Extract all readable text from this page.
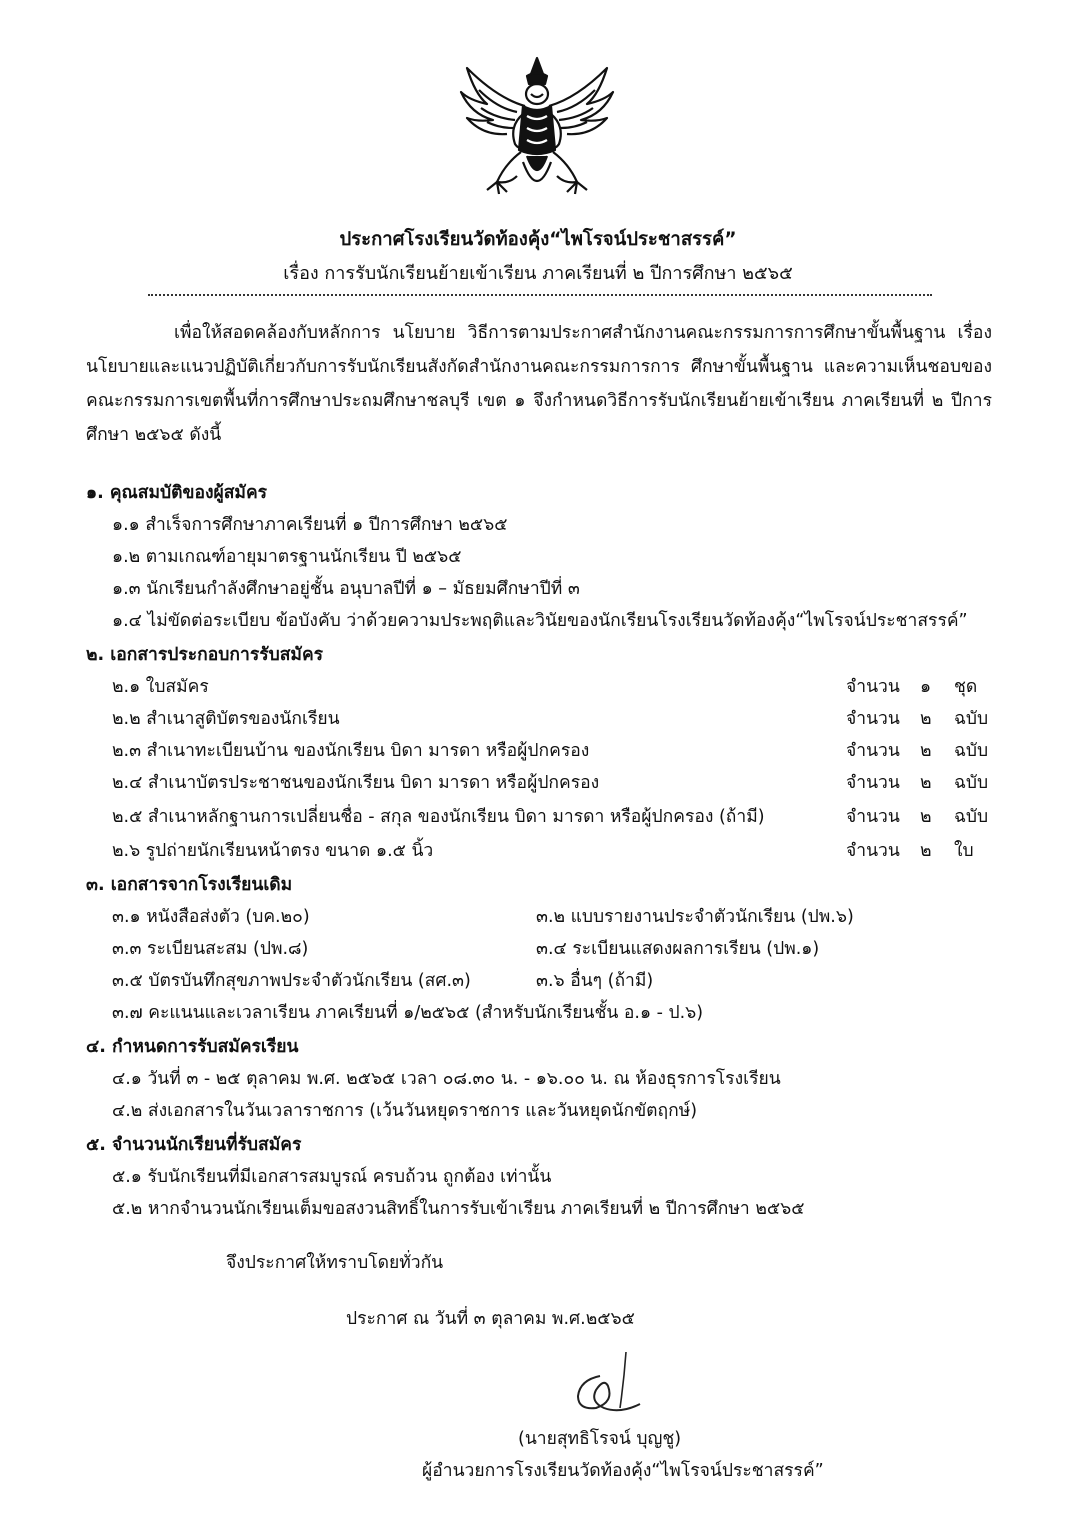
ประกาศโรงเรียนวัดท้องคุ้ง“ไพโรจน์ประชาสรรค์”
เรื่อง การรับนักเรียนย้ายเข้าเรียน ภาคเรียนที่ ๒ ปีการศึกษา ๒๕๖๕
เพื่อให้สอดคล้องกับหลักการ นโยบาย วิธีการตามประกาศสำนักงานคณะกรรมการการศึกษาขั้นพื้นฐาน เรื่อง นโยบายและแนวปฏิบัติเกี่ยวกับการรับนักเรียนสังกัดสำนักงานคณะกรรมการการ ศึกษาขั้นพื้นฐาน และความเห็นชอบของคณะกรรมการเขตพื้นที่การศึกษาประถมศึกษาชลบุรี เขต ๑ จึงกำหนดวิธีการรับนักเรียนย้ายเข้าเรียน ภาคเรียนที่ ๒ ปีการศึกษา ๒๕๖๕ ดังนี้
๑. คุณสมบัติของผู้สมัคร
๑.๑ สำเร็จการศึกษาภาคเรียนที่ ๑ ปีการศึกษา ๒๕๖๕
๑.๒ ตามเกณฑ์อายุมาตรฐานนักเรียน ปี ๒๕๖๕
๑.๓ นักเรียนกำลังศึกษาอยู่ชั้น อนุบาลปีที่ ๑ – มัธยมศึกษาปีที่ ๓
๑.๔ ไม่ขัดต่อระเบียบ ข้อบังคับ ว่าด้วยความประพฤติและวินัยของนักเรียนโรงเรียนวัดท้องคุ้ง“ไพโรจน์ประชาสรรค์”
๒. เอกสารประกอบการรับสมัคร
๒.๑ ใบสมัคร	จำนวน ๑ ชุด
๒.๒ สำเนาสูติบัตรของนักเรียน	จำนวน ๒ ฉบับ
๒.๓ สำเนาทะเบียนบ้าน ของนักเรียน บิดา มารดา หรือผู้ปกครอง	จำนวน ๒ ฉบับ
๒.๔ สำเนาบัตรประชาชนของนักเรียน บิดา มารดา หรือผู้ปกครอง	จำนวน ๒ ฉบับ
๒.๕ สำเนาหลักฐานการเปลี่ยนชื่อ - สกุล ของนักเรียน บิดา มารดา หรือผู้ปกครอง (ถ้ามี)	จำนวน ๒ ฉบับ
๒.๖ รูปถ่ายนักเรียนหน้าตรง ขนาด ๑.๕ นิ้ว	จำนวน ๒ ใบ
๓. เอกสารจากโรงเรียนเดิม
๓.๑ หนังสือส่งตัว (บค.๒๐)	๓.๒ แบบรายงานประจำตัวนักเรียน (ปพ.๖)
๓.๓ ระเบียนสะสม (ปพ.๘)	๓.๔ ระเบียนแสดงผลการเรียน (ปพ.๑)
๓.๕ บัตรบันทึกสุขภาพประจำตัวนักเรียน (สศ.๓)	๓.๖ อื่นๆ (ถ้ามี)
๓.๗ คะแนนและเวลาเรียน ภาคเรียนที่ ๑/๒๕๖๕ (สำหรับนักเรียนชั้น อ.๑ - ป.๖)
๔. กำหนดการรับสมัครเรียน
๔.๑ วันที่ ๓ - ๒๕ ตุลาคม พ.ศ. ๒๕๖๕ เวลา ๐๘.๓๐ น. - ๑๖.๐๐ น. ณ ห้องธุรการโรงเรียน
๔.๒ ส่งเอกสารในวันเวลาราชการ (เว้นวันหยุดราชการ และวันหยุดนักขัตฤกษ์)
๕. จำนวนนักเรียนที่รับสมัคร
๕.๑ รับนักเรียนที่มีเอกสารสมบูรณ์ ครบถ้วน ถูกต้อง เท่านั้น
๕.๒ หากจำนวนนักเรียนเต็มขอสงวนสิทธิ์ในการรับเข้าเรียน ภาคเรียนที่ ๒ ปีการศึกษา ๒๕๖๕
จึงประกาศให้ทราบโดยทั่วกัน
ประกาศ ณ วันที่ ๓ ตุลาคม พ.ศ.๒๕๖๕
(นายสุทธิโรจน์ บุญชู)
ผู้อำนวยการโรงเรียนวัดท้องคุ้ง“ไพโรจน์ประชาสรรค์”
